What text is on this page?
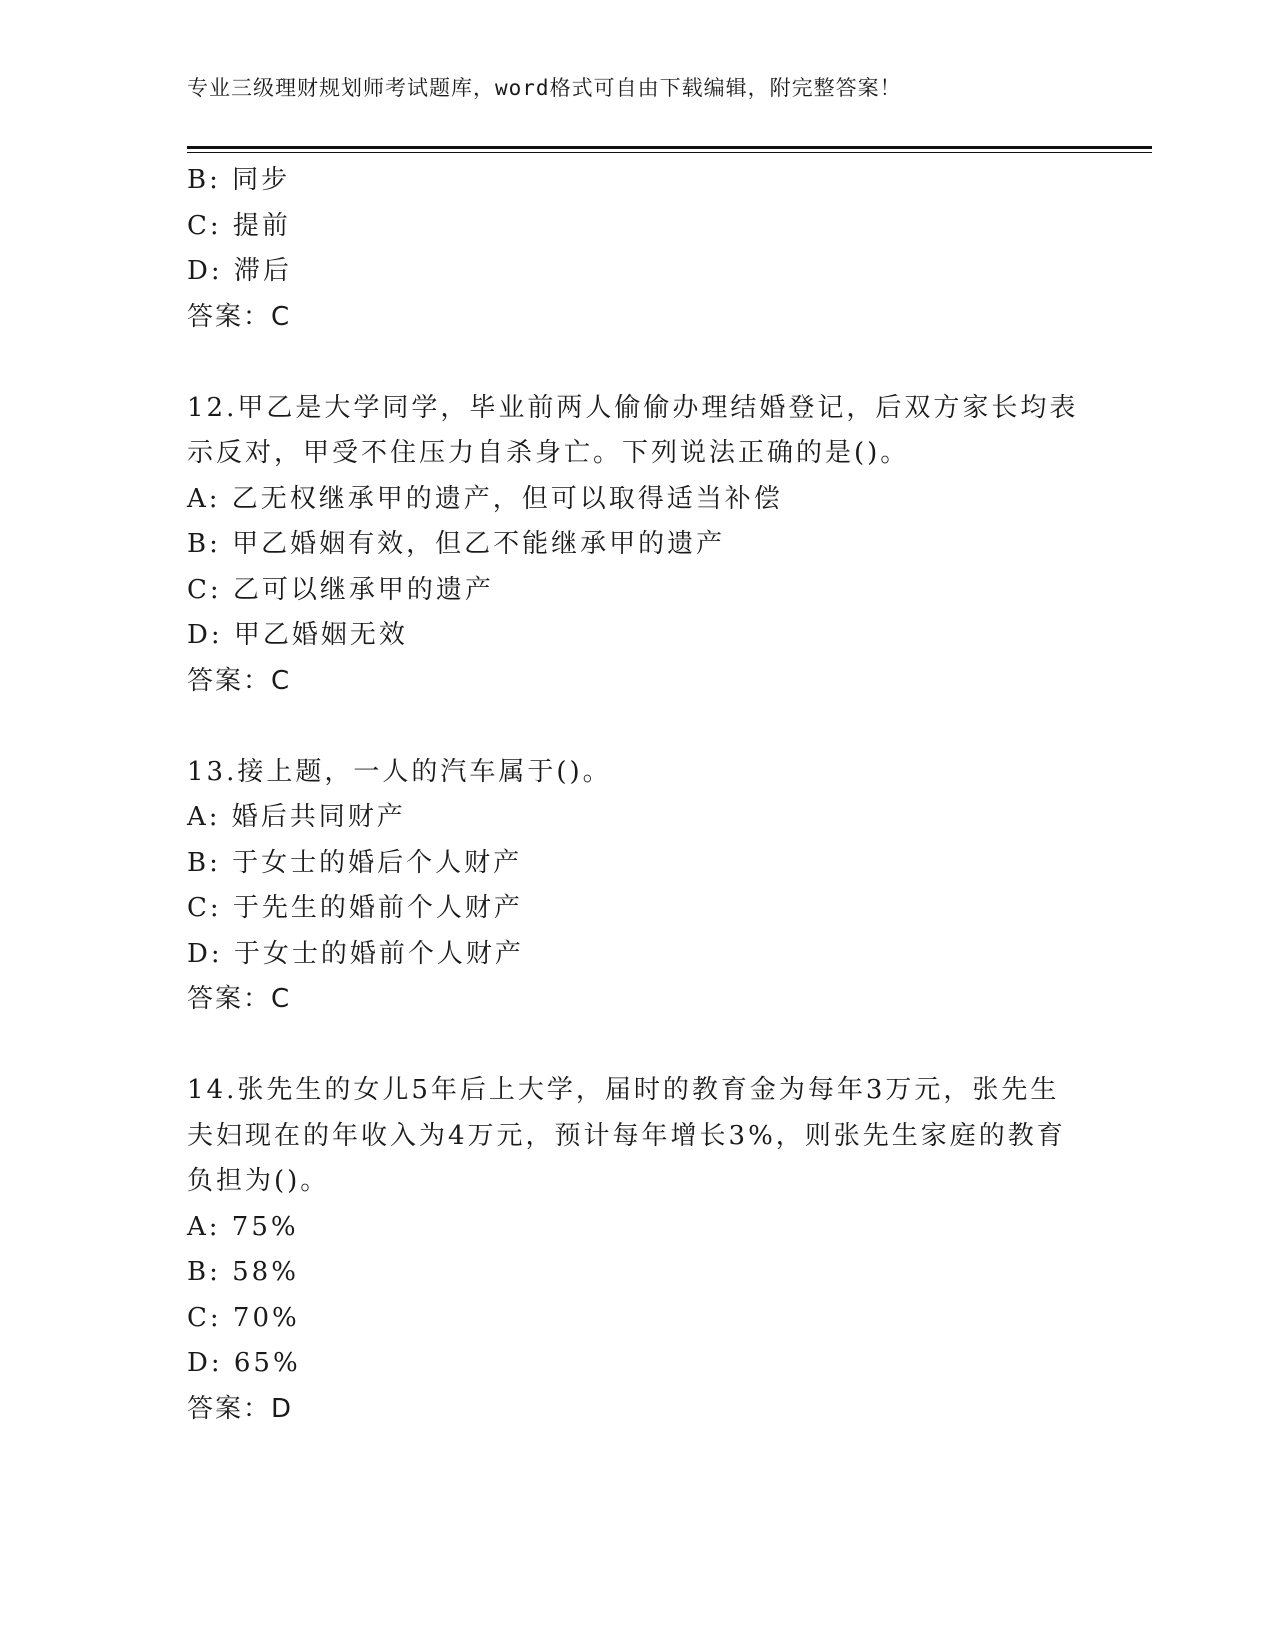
专业三级理财规划师考试题库，word格式可自由下载编辑，附完整答案！
B: 同步
C: 提前
D: 滞后
答案：C
12.甲乙是大学同学，毕业前两人偷偷办理结婚登记，后双方家长均表
示反对，甲受不住压力自杀身亡。下列说法正确的是()。
A: 乙无权继承甲的遗产，但可以取得适当补偿
B: 甲乙婚姻有效，但乙不能继承甲的遗产
C: 乙可以继承甲的遗产
D: 甲乙婚姻无效
答案：C
13.接上题，一人的汽车属于()。
A: 婚后共同财产
B: 于女士的婚后个人财产
C: 于先生的婚前个人财产
D: 于女士的婚前个人财产
答案：C
14.张先生的女儿5年后上大学，届时的教育金为每年3万元，张先生
夫妇现在的年收入为4万元，预计每年增长3%，则张先生家庭的教育
负担为()。
A: 75%
B: 58%
C: 70%
D: 65%
答案：D
